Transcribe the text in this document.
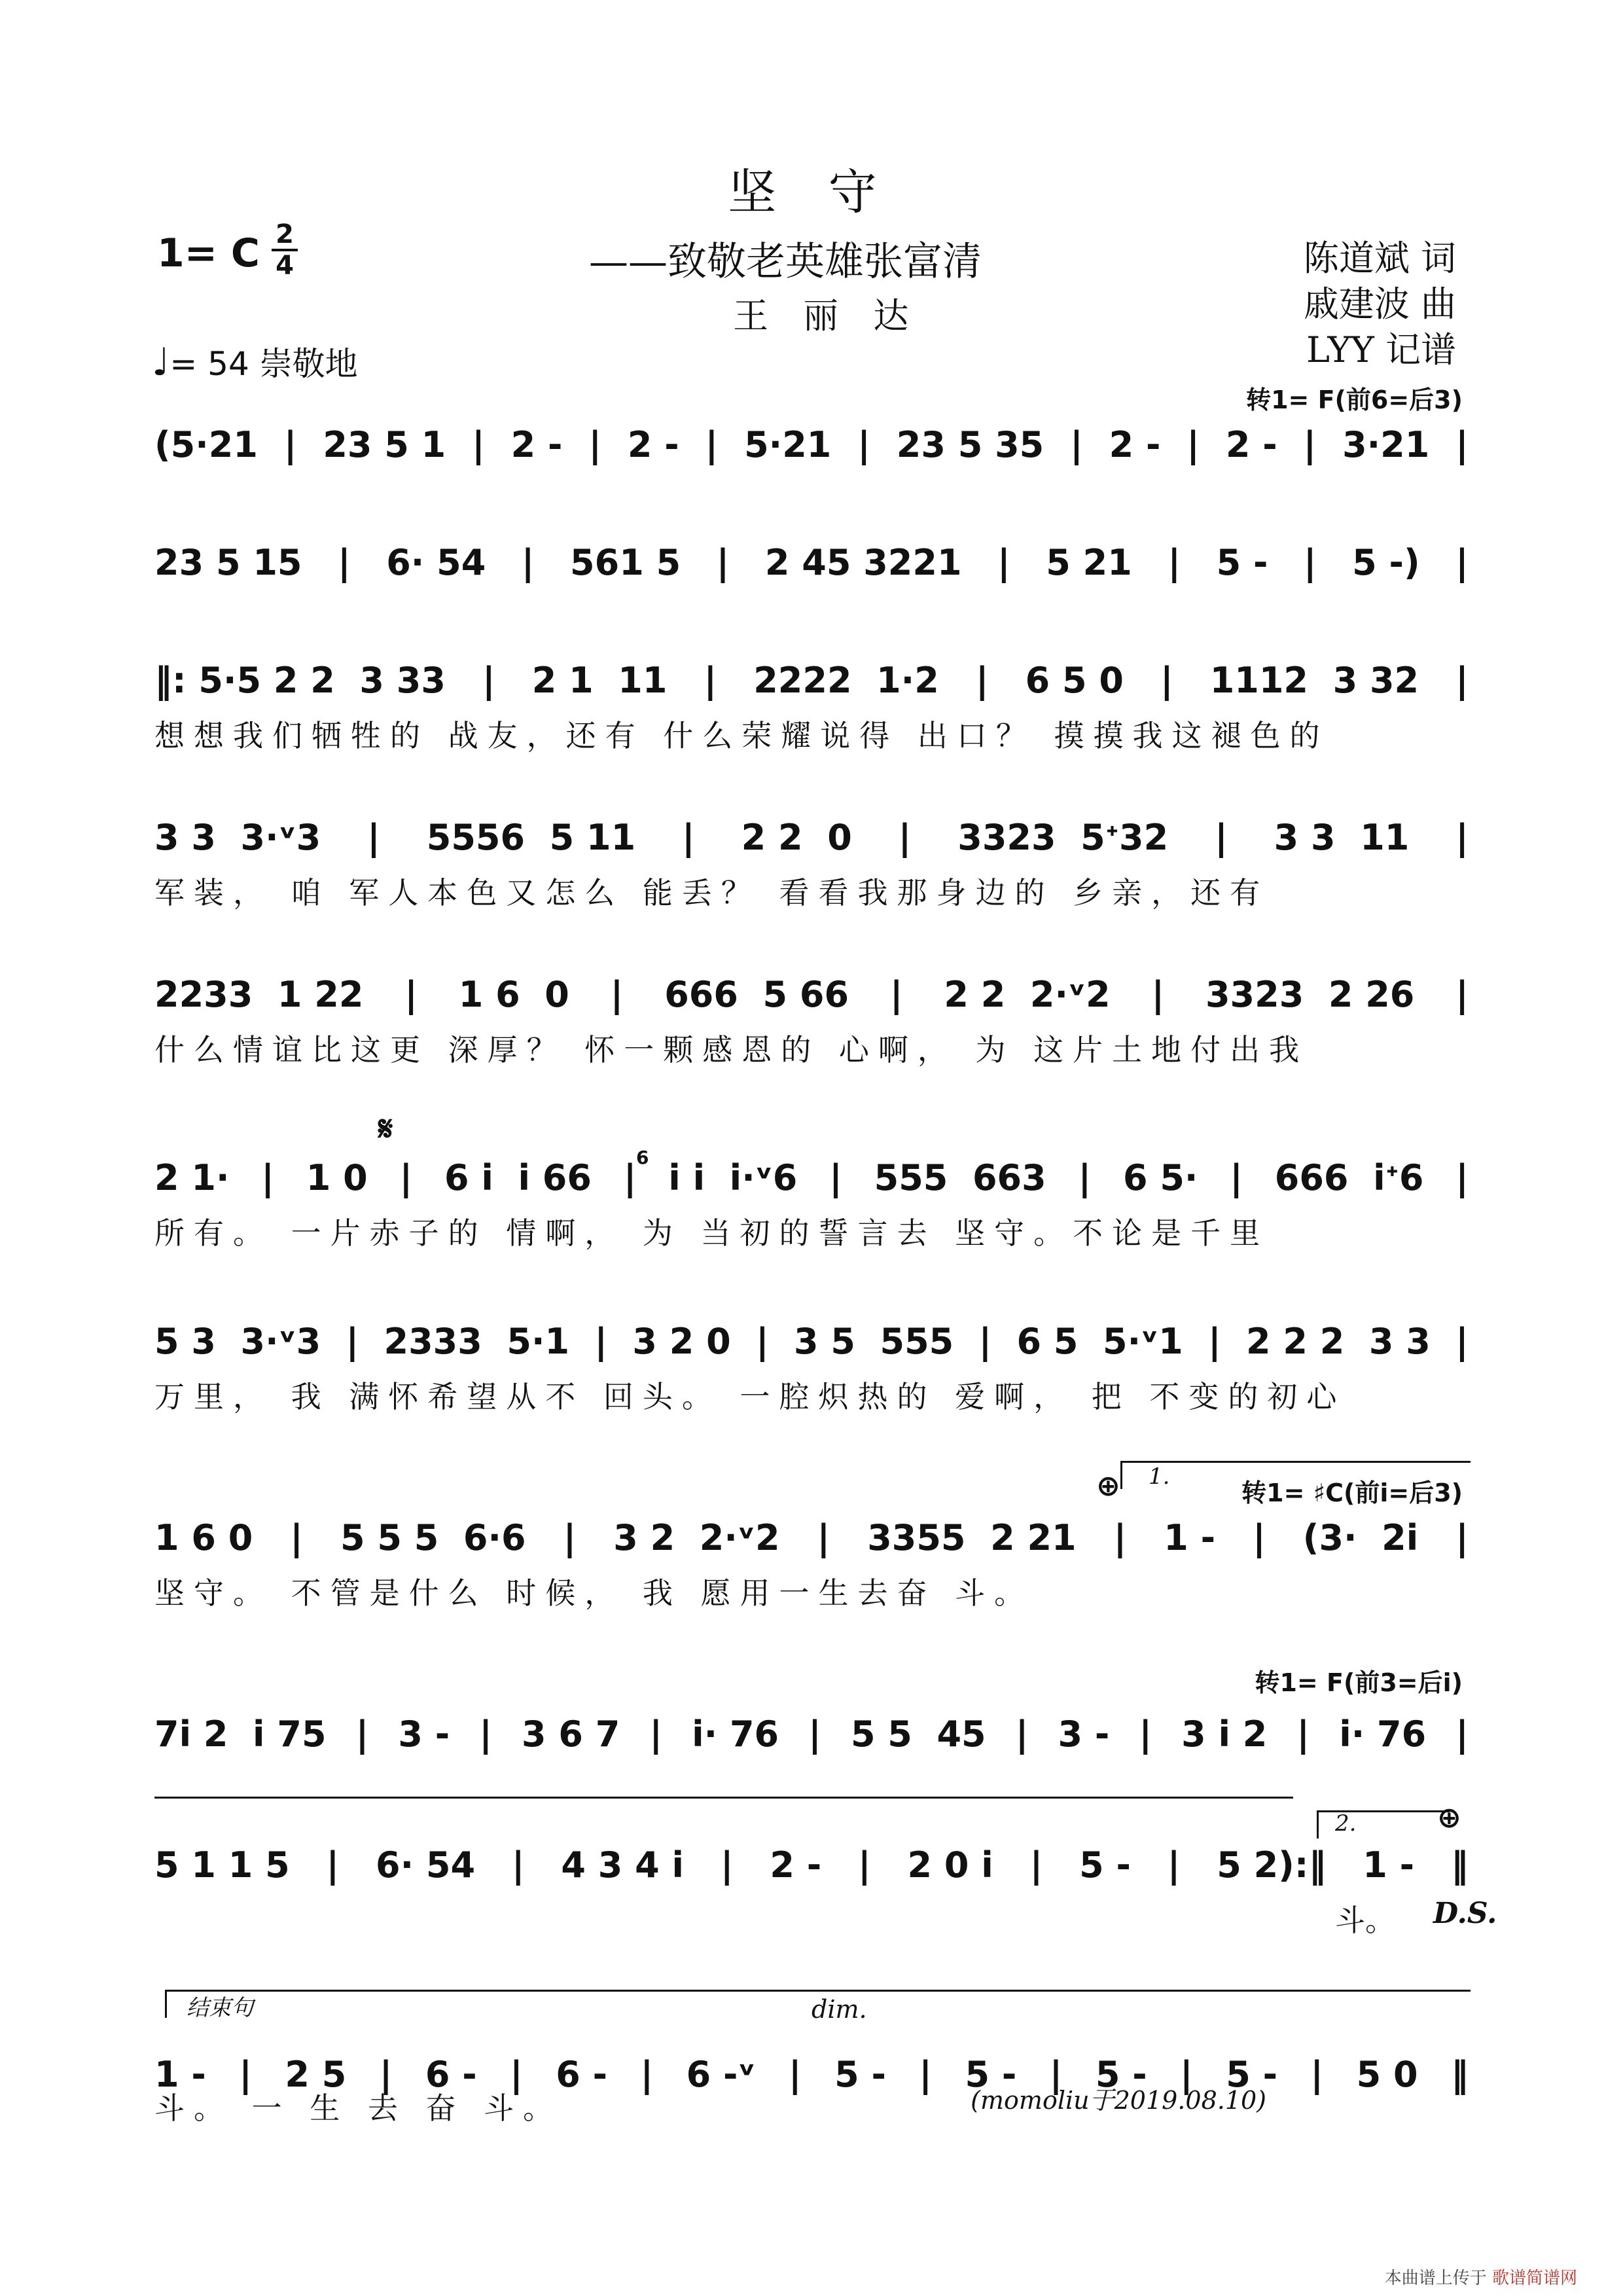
坚 守
——致敬老英雄张富清
王 丽 达
1= C 2
4	陈道斌 词
戚建波 曲
LYY 记谱
♩= 54 崇敬地
转1= F(前6=后3)
(5·21 | 23 5 1 | 2 - | 2 - | 5·21 | 23 5 35 | 2 - | 2 - | 3·21 |
23 5 15 | 6· 54 | 561 5 | 2 45 3221 | 5 21 | 5 - | 5 -) |
‖: 5·5 2 2  3 33 | 2 1  11 | 2222  1·2 | 6 5 0 | 1112  3 32 |
想想我们牺牲的 战友，还有 什么荣耀说得 出口？ 摸摸我这褪色的
3 3  3·ᵛ3 | 5556  5 11 | 2 2  0 | 3323  5ᐩ32 | 3 3  11 |
军装， 咱 军人本色又怎么 能丢？ 看看我那身边的 乡亲，还有
2233  1 22 | 1 6  0 | 666  5 66 | 2 2  2·ᵛ2 | 3323  2 26 |
什么情谊比这更 深厚？ 怀一颗感恩的 心啊， 为 这片土地付出我
𝄋
6
2 1· | 1 0 | 6 i  i 66 | i i  i·ᵛ6 | 555  663 | 6 5· | 666  iᐩ6 |
所有。 一片赤子的 情啊， 为 当初的誓言去 坚守。不论是千里
5 3  3·ᵛ3 | 2333  5·1 | 3 2 0 | 3 5  555 | 6 5  5·ᵛ1 | 2 2 2  3 3 |
万里， 我 满怀希望从不 回头。 一腔炽热的 爱啊， 把 不变的初心
⊕ 1.
转1= ♯C(前i=后3)
1 6 0 | 5 5 5  6·6 | 3 2  2·ᵛ2 | 3355  2 21 | 1 - | (3·  2i |
坚守。 不管是什么 时候， 我 愿用一生去奋 斗。
转1= F(前3=后i)
7i 2  i 75 | 3 - | 3 6 7 | i· 76 | 5 5  45 | 3 - | 3 i 2 | i· 76 |
2.	⊕
5 1 1 5 | 6· 54 | 4 3 4 i | 2 - | 2 0 i | 5 - | 5 2):‖ 1 - ‖
斗。 D.S.
结束句	dim.
1 - | 2 5 | 6 - | 6 - | 6 -ᵛ | 5 - | 5 - | 5 - | 5 - | 5 0 ‖
斗。 一 生 去 奋 斗。	(momoliu于2019.08.10)
本曲谱上传于 歌谱简谱网
